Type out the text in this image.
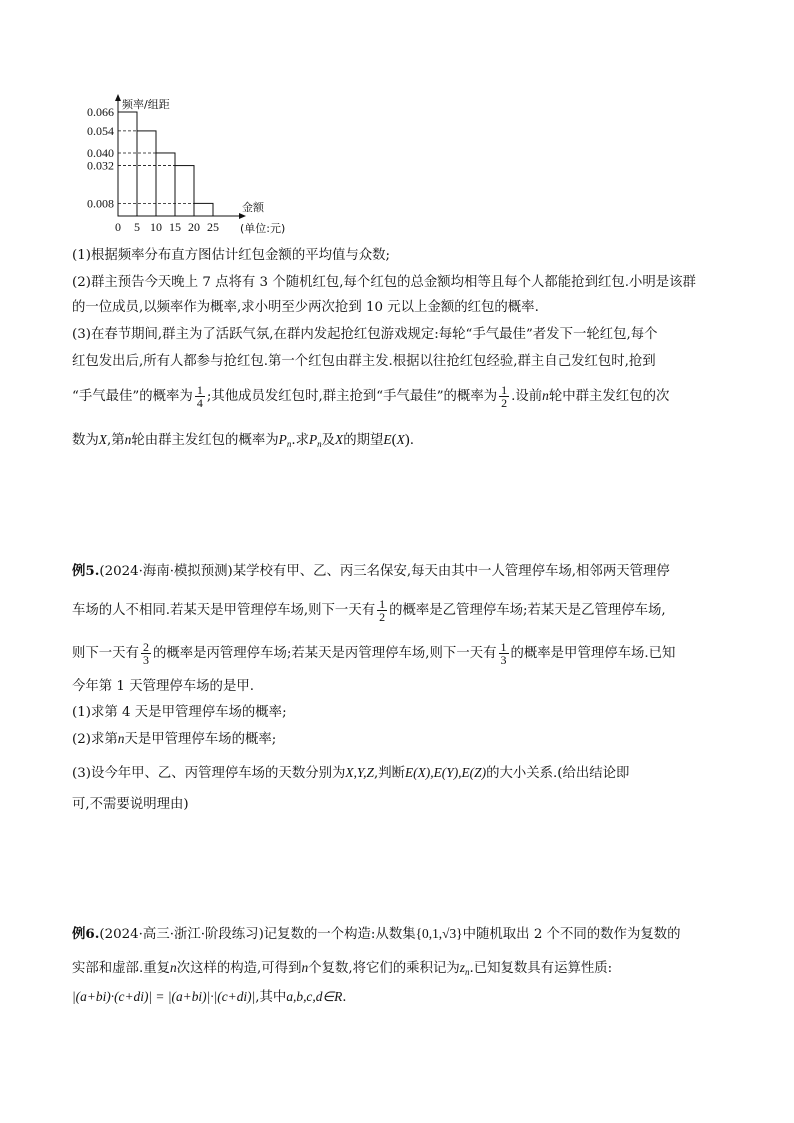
频率/组距
金额
(单位:元)
0.066
0.054
0.040
0.032
0.008
0 5 10 15 20 25
(1)根据频率分布直方图估计红包金额的平均值与众数;
(2)群主预告今天晚上 7 点将有 3 个随机红包,每个红包的总金额均相等且每个人都能抢到红包.小明是该群
的一位成员,以频率作为概率,求小明至少两次抢到 10 元以上金额的红包的概率.
(3)在春节期间,群主为了活跃气氛,在群内发起抢红包游戏规定:每轮“手气最佳”者发下一轮红包,每个
红包发出后,所有人都参与抢红包.第一个红包由群主发.根据以往抢红包经验,群主自己发红包时,抢到
“手气最佳”的概率为 $\frac{1}{4}$ ;其他成员发红包时,群主抢到“手气最佳”的概率为 $\frac{1}{2}$ .设前n轮中群主发红包的次
数为X,第n轮由群主发红包的概率为$P_n$.求$P_n$及X的期望E(X).
例5.(2024·海南·模拟预测)某学校有甲、乙、丙三名保安,每天由其中一人管理停车场,相邻两天管理停
车场的人不相同.若某天是甲管理停车场,则下一天有 $\frac{1}{2}$ 的概率是乙管理停车场;若某天是乙管理停车场,
则下一天有 $\frac{2}{3}$ 的概率是丙管理停车场;若某天是丙管理停车场,则下一天有 $\frac{1}{3}$ 的概率是甲管理停车场.已知
今年第 1 天管理停车场的是甲.
(1)求第 4 天是甲管理停车场的概率;
(2)求第n天是甲管理停车场的概率;
(3)设今年甲、乙、丙管理停车场的天数分别为X,Y,Z,判断E(X),E(Y),E(Z)的大小关系.(给出结论即
可,不需要说明理由)
例6.(2024·高三·浙江·阶段练习)记复数的一个构造:从数集{0,1,√3}中随机取出 2 个不同的数作为复数的
实部和虚部.重复n次这样的构造,可得到n个复数,将它们的乘积记为$z_n$.已知复数具有运算性质:
|(a+bi)·(c+di)| = |(a+bi)|·|(c+di)|,其中a,b,c,d∈R.
